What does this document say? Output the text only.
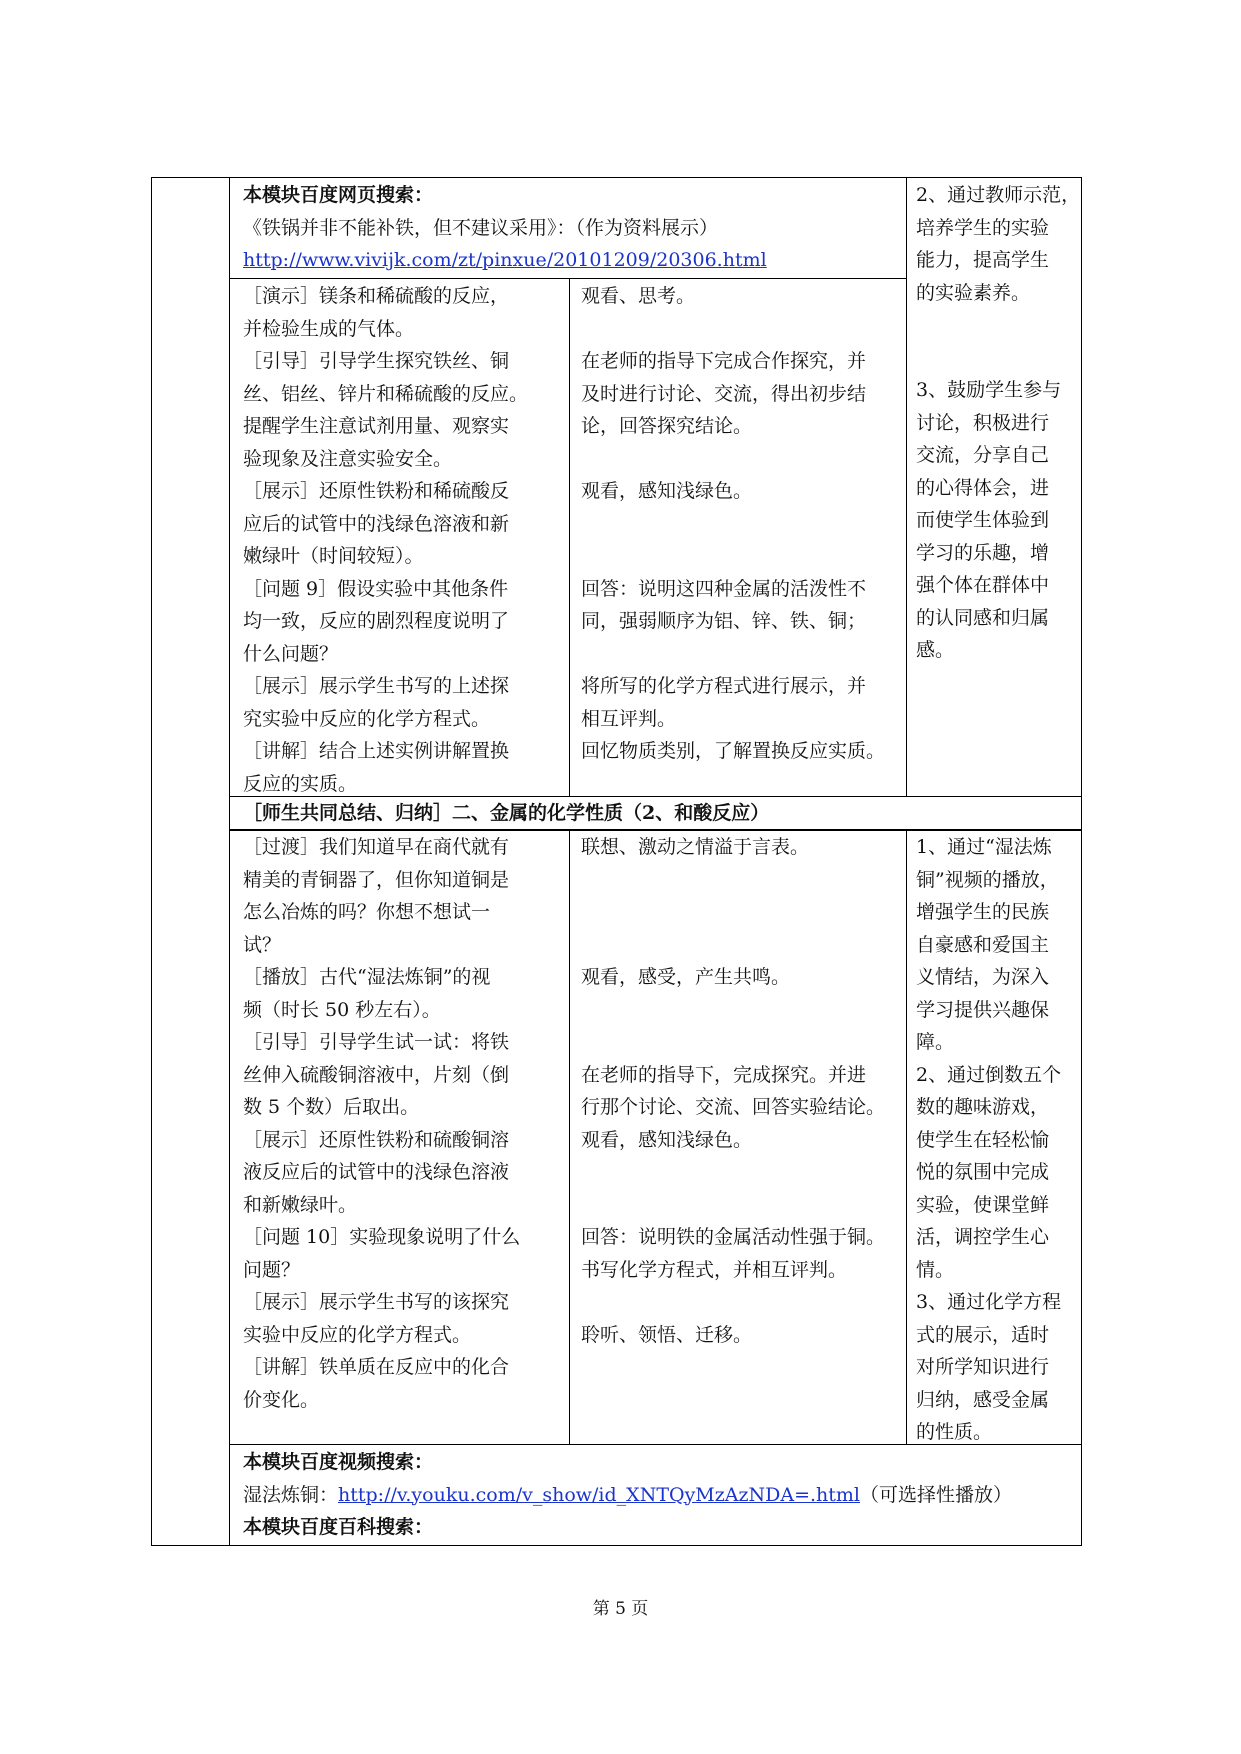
本模块百度网页搜索：
《铁锅并非不能补铁，但不建议采用》：（作为资料展示）
http://www.vivijk.com/zt/pinxue/20101209/20306.html
［演示］镁条和稀硫酸的反应，
并检验生成的气体。
［引导］引导学生探究铁丝、铜
丝、铝丝、锌片和稀硫酸的反应。
提醒学生注意试剂用量、观察实
验现象及注意实验安全。
［展示］还原性铁粉和稀硫酸反
应后的试管中的浅绿色溶液和新
嫩绿叶（时间较短）。
［问题 9］假设实验中其他条件
均一致，反应的剧烈程度说明了
什么问题？
［展示］展示学生书写的上述探
究实验中反应的化学方程式。
［讲解］结合上述实例讲解置换
反应的实质。
观看、思考。

在老师的指导下完成合作探究，并
及时进行讨论、交流，得出初步结
论，回答探究结论。

观看，感知浅绿色。

回答：说明这四种金属的活泼性不
同，强弱顺序为铝、锌、铁、铜；

将所写的化学方程式进行展示，并
相互评判。
回忆物质类别，了解置换反应实质。
2、通过教师示范，
培养学生的实验
能力，提高学生
的实验素养。

3、鼓励学生参与
讨论，积极进行
交流，分享自己
的心得体会，进
而使学生体验到
学习的乐趣，增
强个体在群体中
的认同感和归属
感。
［师生共同总结、归纳］二、金属的化学性质（2、和酸反应）
［过渡］我们知道早在商代就有
精美的青铜器了，但你知道铜是
怎么冶炼的吗？你想不想试一
试？
［播放］古代“湿法炼铜”的视
频（时长 50 秒左右）。
［引导］引导学生试一试：将铁
丝伸入硫酸铜溶液中，片刻（倒
数 5 个数）后取出。
［展示］还原性铁粉和硫酸铜溶
液反应后的试管中的浅绿色溶液
和新嫩绿叶。
［问题 10］实验现象说明了什么
问题？
［展示］展示学生书写的该探究
实验中反应的化学方程式。
［讲解］铁单质在反应中的化合
价变化。
联想、激动之情溢于言表。

观看，感受，产生共鸣。

在老师的指导下，完成探究。并进
行那个讨论、交流、回答实验结论。
观看，感知浅绿色。

回答：说明铁的金属活动性强于铜。
书写化学方程式，并相互评判。

聆听、领悟、迁移。
1、通过“湿法炼
铜”视频的播放，
增强学生的民族
自豪感和爱国主
义情结，为深入
学习提供兴趣保
障。
2、通过倒数五个
数的趣味游戏，
使学生在轻松愉
悦的氛围中完成
实验，使课堂鲜
活，调控学生心
情。
3、通过化学方程
式的展示，适时
对所学知识进行
归纳，感受金属
的性质。
本模块百度视频搜索：
湿法炼铜：http://v.youku.com/v_show/id_XNTQyMzAzNDA=.html（可选择性播放）
本模块百度百科搜索：
第 5 页
